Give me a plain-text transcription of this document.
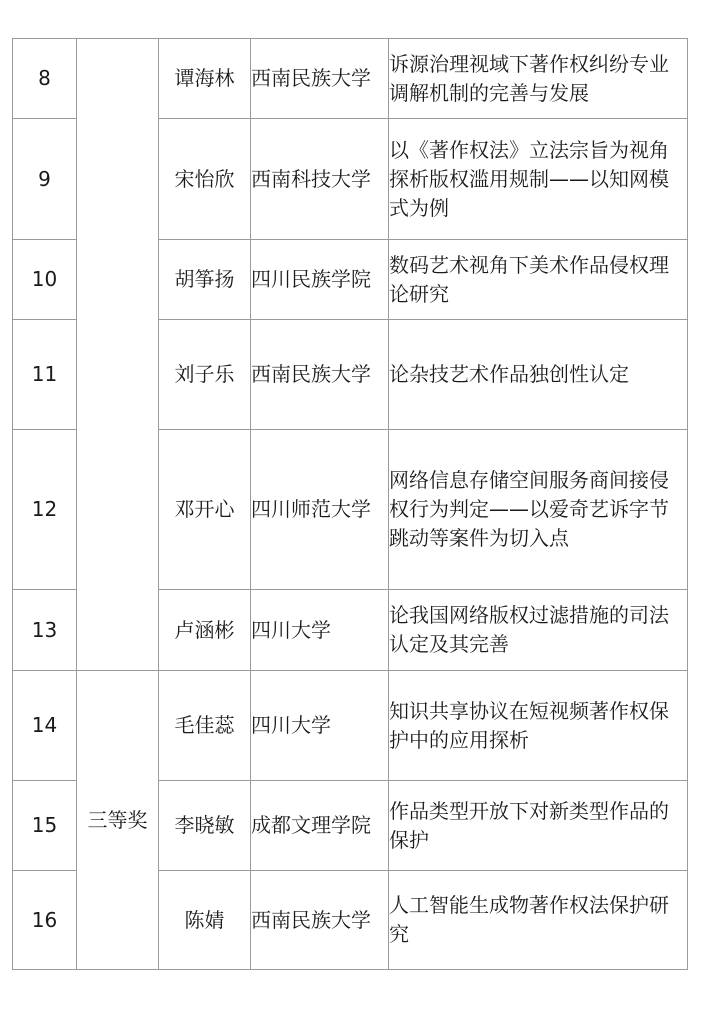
8		谭海林	西南民族大学	诉源治理视域下著作权纠纷专业调解机制的完善与发展
9		宋怡欣	西南科技大学	以《著作权法》立法宗旨为视角探析版权滥用规制——以知网模式为例
10		胡筝扬	四川民族学院	数码艺术视角下美术作品侵权理论研究
11		刘子乐	西南民族大学	论杂技艺术作品独创性认定
12		邓开心	四川师范大学	网络信息存储空间服务商间接侵权行为判定——以爱奇艺诉字节跳动等案件为切入点
13		卢涵彬	四川大学	论我国网络版权过滤措施的司法认定及其完善
14	三等奖	毛佳蕊	四川大学	知识共享协议在短视频著作权保护中的应用探析
15		李晓敏	成都文理学院	作品类型开放下对新类型作品的保护
16		陈婧	西南民族大学	人工智能生成物著作权法保护研究
